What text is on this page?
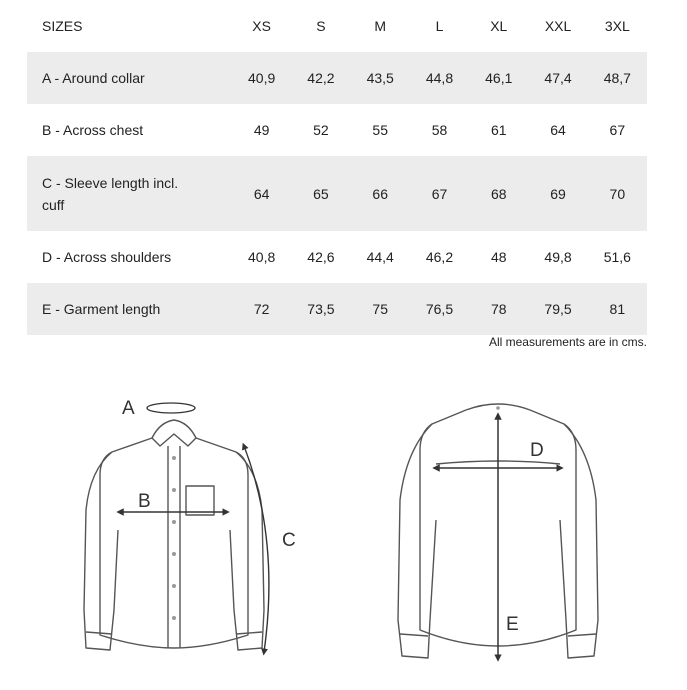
SIZES	XS	S	M	L	XL	XXL	3XL
A - Around collar	40,9	42,2	43,5	44,8	46,1	47,4	48,7
B - Across chest	49	52	55	58	61	64	67
C - Sleeve length incl. cuff	64	65	66	67	68	69	70
D - Across shoulders	40,8	42,6	44,4	46,2	48	49,8	51,6
E - Garment length	72	73,5	75	76,5	78	79,5	81
All measurements are in cms.
A
B
C
D
E
